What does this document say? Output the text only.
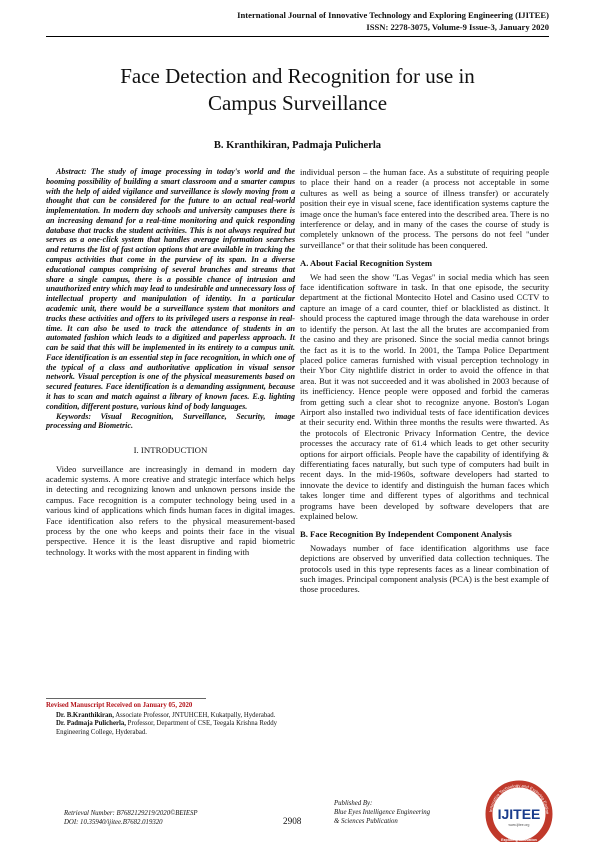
International Journal of Innovative Technology and Exploring Engineering (IJITEE)
ISSN: 2278-3075, Volume-9 Issue-3, January 2020
Face Detection and Recognition for use in
Campus Surveillance
B. Kranthikiran, Padmaja Pulicherla

Abstract: The study of image processing in today's world and the booming possibility of building a smart classroom and a smarter campus with the help of aided vigilance and surveillance is slowly moving from a thought that can be considered for the future to an actual real-world implementation. In modern day schools and university campuses there is an increasing demand for a real-time monitoring and quick responding database that tracks the student activities. This is not always required but serves as a one-click system that handles average information searches and returns the list of fast action options that are available in tracking the campus activities that come in the purview of its span. In a diverse educational campus comprising of several branches and streams that share a single campus, there is a possible chance of intrusion and unauthorized entry which may lead to undesirable and unnecessary loss of intellectual property and manipulation of identity. In a particular academic unit, there would be a surveillance system that monitors and tracks these activities and offers to its privileged users a response in real-time. It can also be used to track the attendance of students in an automated fashion which leads to a digitized and paperless approach. It can be said that this will be implemented in its entirety to a campus unit. Face identification is an essential step in face recognition, in which one of the typical of a class and authoritative application in visual sensor network. Visual perception is one of the physical measurements based on secured features. Face identification is a demanding assignment, because it has to scan and match against a library of known faces. E.g. lighting condition, different posture, various kind of body languages.

Keywords: Visual Recognition, Surveillance, Security, image processing and Biometric.

I. INTRODUCTION

Video surveillance are increasingly in demand in modern day academic systems. A more creative and strategic interface which helps in detecting and recognizing known and unknown persons inside the campus. Face recognition is a computer technology being used in a various kind of applications which finds human faces in digital images. Face identification also refers to the physical measurement-based process by the one who keeps and points their face in the visual perspective. Hence it is the least disruptive and rapid biometric technology. It works with the most apparent in finding with

individual person – the human face. As a substitute of requiring people to place their hand on a reader (a process not acceptable in some cultures as well as being a source of illness transfer) or accurately position their eye in visual scene, face identification systems capture the image once the human's face entered into the described area. There is no interference or delay, and in many of the cases the course of study is completely unknown of the process. The persons do not feel "under surveillance" or that their solitude has been conquered.

A. About Facial Recognition System

We had seen the show "Las Vegas" in social media which has seen face identification software in task. In that one episode, the security department at the fictional Montecito Hotel and Casino used CCTV to capture an image of a card counter, thief or blacklisted as distinct. It should process the captured image through the data warehouse in order to identify the person. At last the all the brutes are accompanied from the casino and they are prisoned. Since the social media cannot brings the fact as it is to the world. In 2001, the Tampa Police Department placed police cameras furnished with visual perception technology in their Ybor City nightlife district in order to avoid the offence in that area. But it was not succeeded and it was abolished in 2003 because of its inefficiency. Hence people were opposed and forbid the cameras from getting such a clear shot to recognize anyone. Boston's Logan Airport also installed two individual tests of face identification devices at their security end. Within three months the results were thwarted. As the protocols of Electronic Privacy Information Centre, the device processes the accuracy rate of 61.4 which leads to get other security options for airport officials. People have the capability of identifying & differentiating faces naturally, but such type of computers had built in recent days. In the mid-1960s, software developers had started to innovate the device to identify and distinguish the human faces which takes longer time and different types of algorithms and technical programs have been developed by software developers that are explained below.

B. Face Recognition By Independent Component Analysis

Nowadays number of face identification algorithms use face depictions are observed by unverified data collection techniques. The protocols used in this type represents faces as a linear combination of such images. Principal component analysis (PCA) is the best example of those procedures.

Revised Manuscript Received on January 05, 2020

Dr. B.Kranthikiran, Associate Professor, JNTUHCEH, Kukatpally, Hyderabad.

Dr. Padmaja Pulicherla, Professor, Department of CSE, Teegala Krishna Reddy Engineering College, Hyderabad.

Retrieval Number: B7682129219/2020©BEIESP
DOI: 10.35940/ijitee.B7682.019320	2908
Published By:
Blue Eyes Intelligence Engineering
& Sciences Publication
Innovative Technology and Exploring Engine
IJITEE
www.ijitee.org
Exploring Innovation
